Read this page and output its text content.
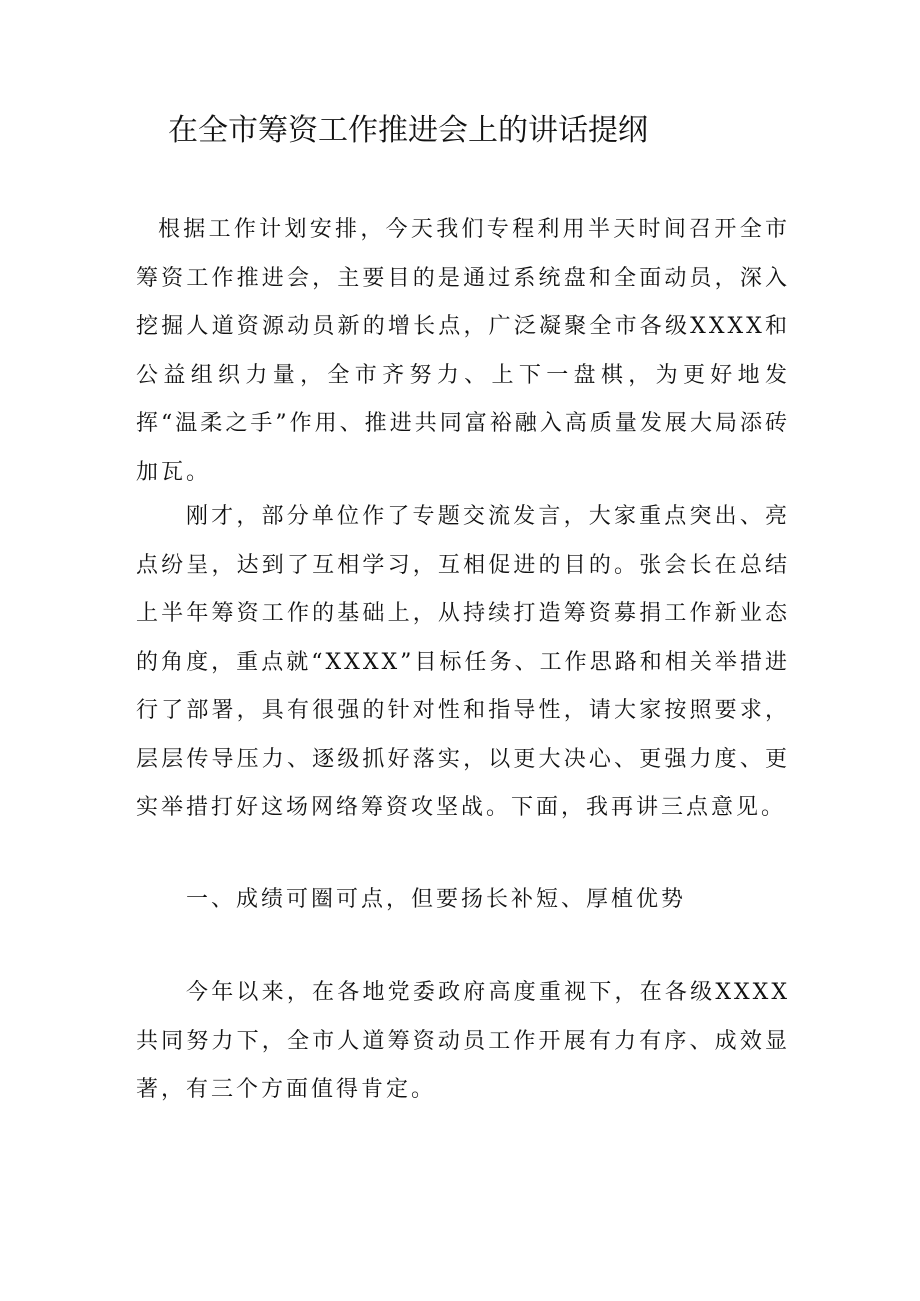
在全市筹资工作推进会上的讲话提纲

根据工作计划安排，今天我们专程利用半天时间召开全市筹资工作推进会，主要目的是通过系统盘和全面动员，深入挖掘人道资源动员新的增长点，广泛凝聚全市各级XXXX和公益组织力量，全市齐努力、上下一盘棋，为更好地发挥“温柔之手”作用、推进共同富裕融入高质量发展大局添砖加瓦。

刚才，部分单位作了专题交流发言，大家重点突出、亮点纷呈，达到了互相学习，互相促进的目的。张会长在总结上半年筹资工作的基础上，从持续打造筹资募捐工作新业态的角度，重点就“XXXX”目标任务、工作思路和相关举措进行了部署，具有很强的针对性和指导性，请大家按照要求，层层传导压力、逐级抓好落实，以更大决心、更强力度、更实举措打好这场网络筹资攻坚战。下面，我再讲三点意见。

一、成绩可圈可点，但要扬长补短、厚植优势

今年以来，在各地党委政府高度重视下，在各级XXXX共同努力下，全市人道筹资动员工作开展有力有序、成效显著，有三个方面值得肯定。
